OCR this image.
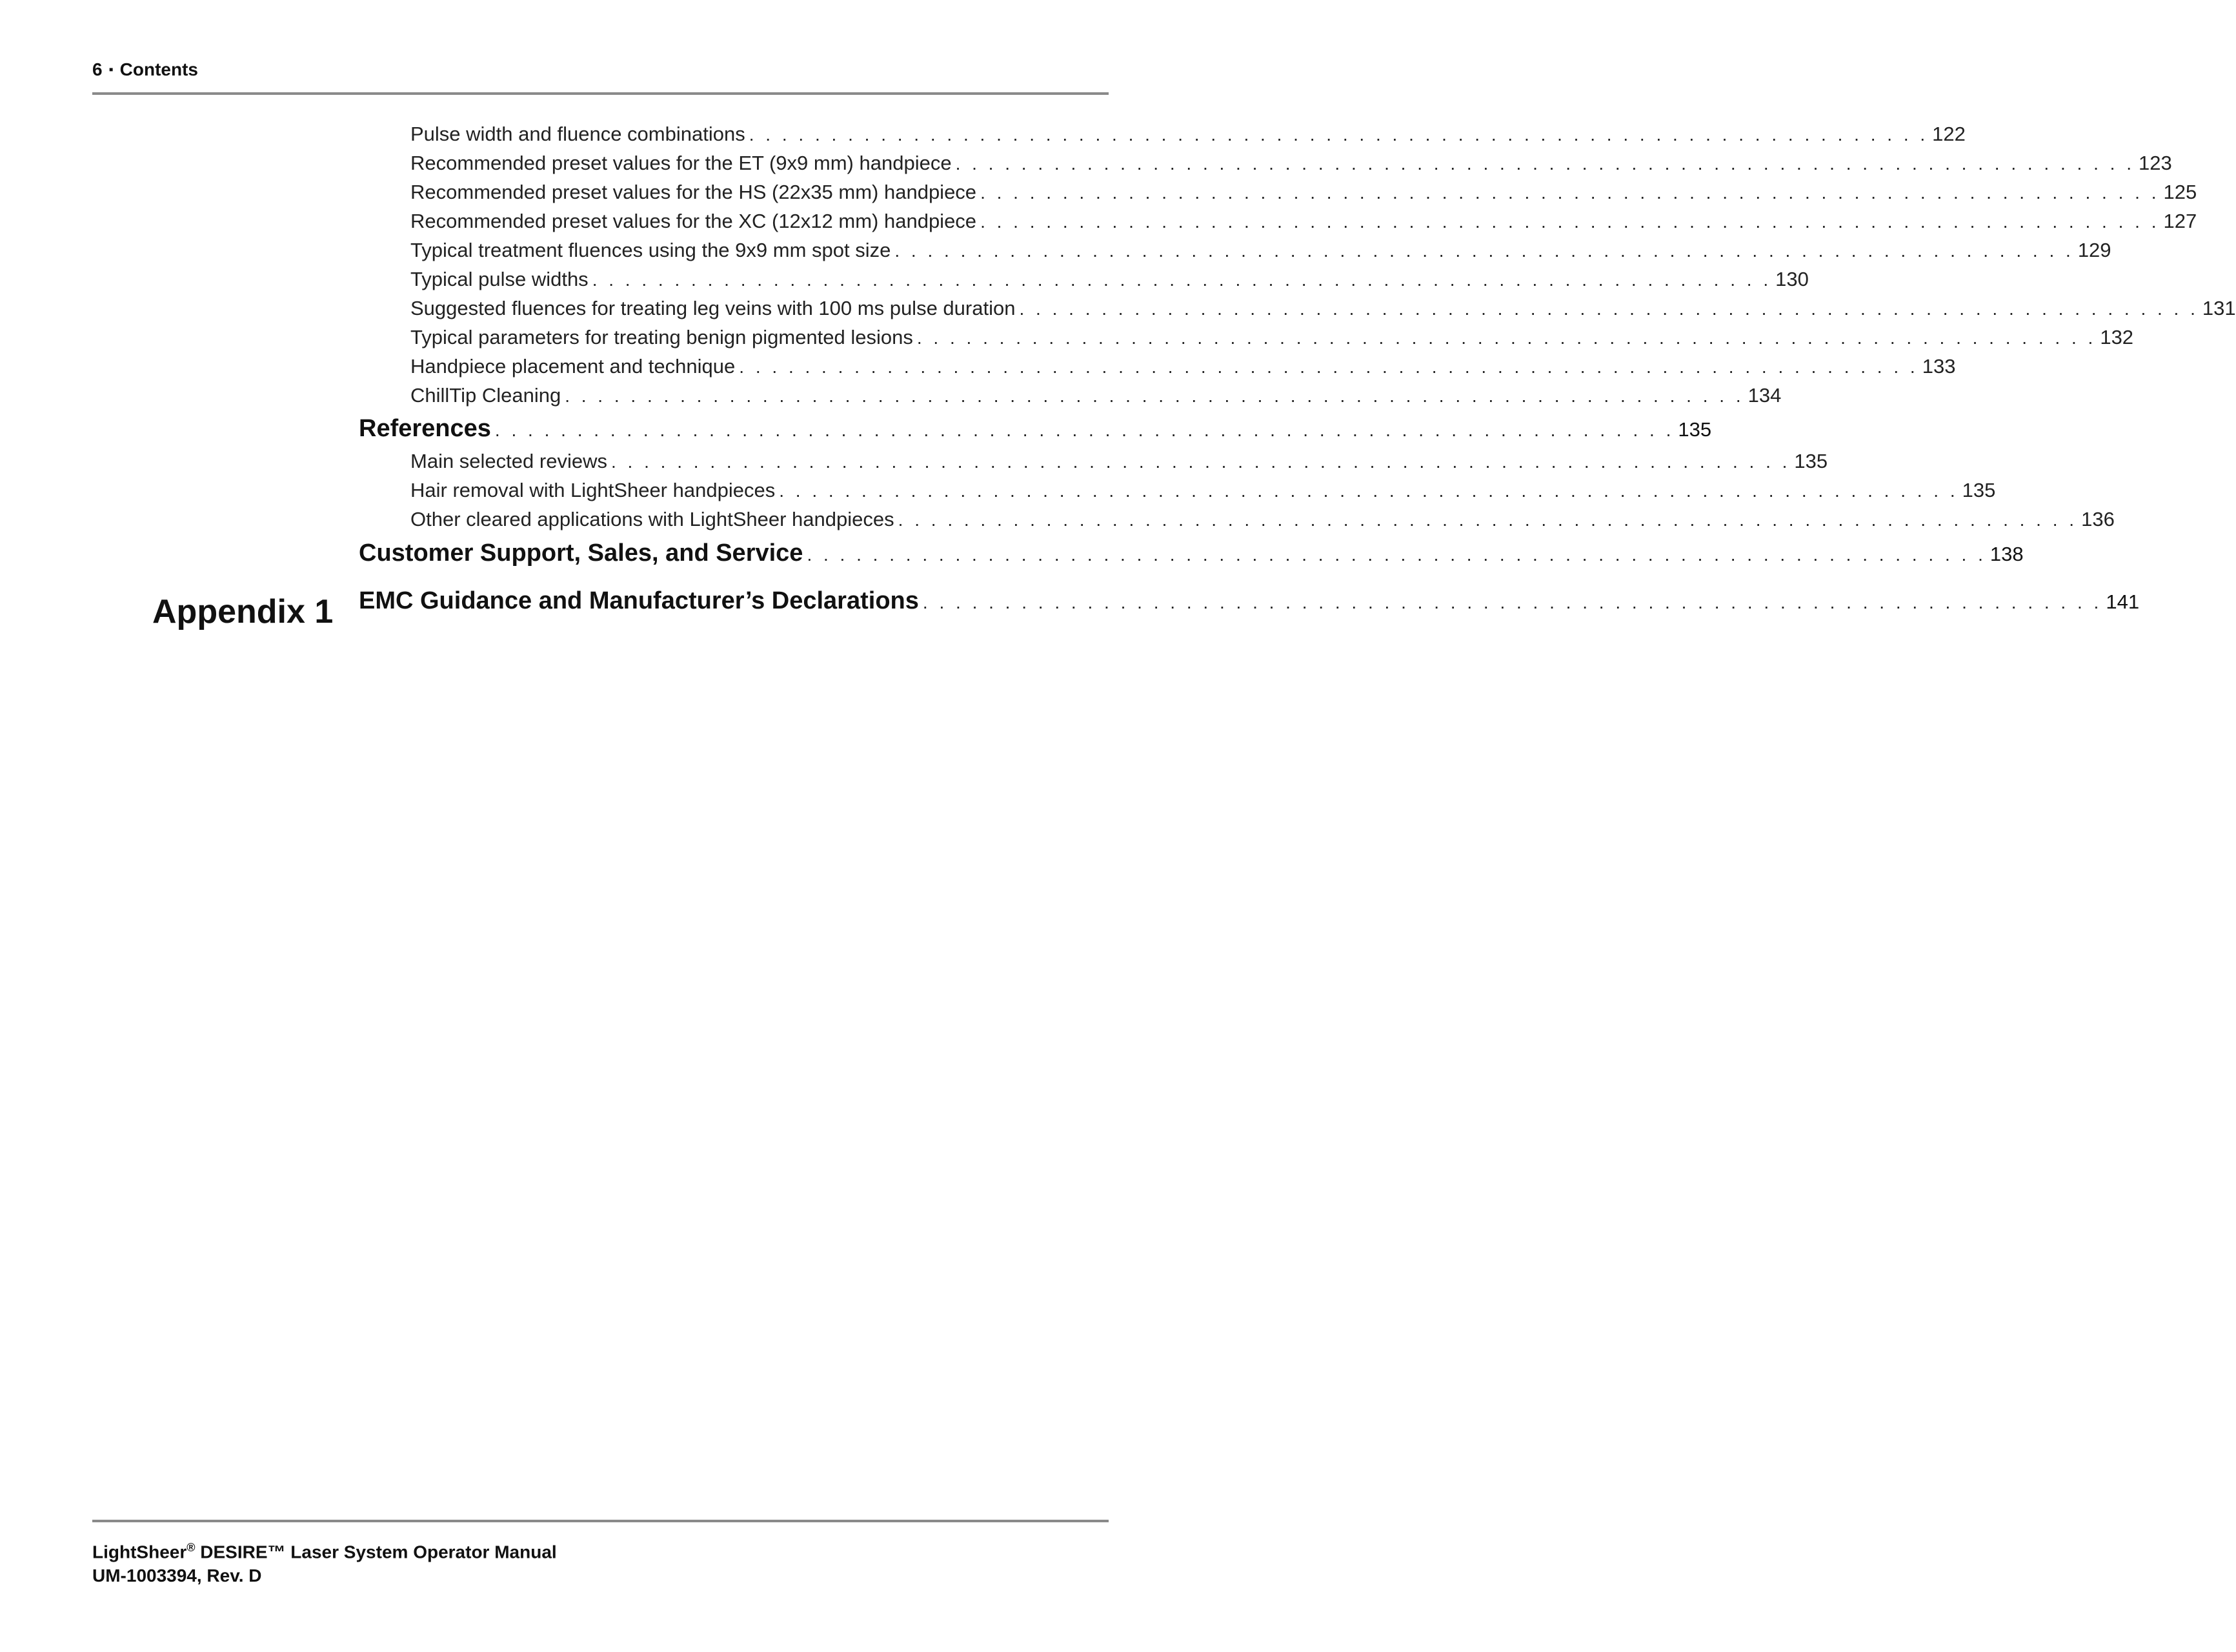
6 ▪ Contents
Pulse width and fluence combinations . . . . . . . . . . . . . . . . . . . . . . . . . . . . . . . . . . . . . . . . . . . . . . . . . . . . . . . . . . . . . . . . . . . . . . . . 122
Recommended preset values for the ET (9x9 mm) handpiece . . . . . . . . . . . . . . . . . . . . . . . . . . . . . . . . . . . . . . . . . . . . . . . . . . . . . . . . . . . . . . . . . . . . . . . . 123
Recommended preset values for the HS (22x35 mm) handpiece . . . . . . . . . . . . . . . . . . . . . . . . . . . . . . . . . . . . . . . . . . . . . . . . . . . . . . . . . . . . . . . . . . . . . . . . 125
Recommended preset values for the XC (12x12 mm) handpiece . . . . . . . . . . . . . . . . . . . . . . . . . . . . . . . . . . . . . . . . . . . . . . . . . . . . . . . . . . . . . . . . . . . . . . . . 127
Typical treatment fluences using the 9x9 mm spot size . . . . . . . . . . . . . . . . . . . . . . . . . . . . . . . . . . . . . . . . . . . . . . . . . . . . . . . . . . . . . . . . . . . . . . . . 129
Typical pulse widths . . . . . . . . . . . . . . . . . . . . . . . . . . . . . . . . . . . . . . . . . . . . . . . . . . . . . . . . . . . . . . . . . . . . . . . . 130
Suggested fluences for treating leg veins with 100 ms pulse duration . . . . . . . . . . . . . . . . . . . . . . . . . . . . . . . . . . . . . . . . . . . . . . . . . . . . . . . . . . . . . . . . . . . . . . . . 131
Typical parameters for treating benign pigmented lesions . . . . . . . . . . . . . . . . . . . . . . . . . . . . . . . . . . . . . . . . . . . . . . . . . . . . . . . . . . . . . . . . . . . . . . . . 132
Handpiece placement and technique . . . . . . . . . . . . . . . . . . . . . . . . . . . . . . . . . . . . . . . . . . . . . . . . . . . . . . . . . . . . . . . . . . . . . . . . 133
ChillTip Cleaning . . . . . . . . . . . . . . . . . . . . . . . . . . . . . . . . . . . . . . . . . . . . . . . . . . . . . . . . . . . . . . . . . . . . . . . . 134
References . . . . . . . . . . . . . . . . . . . . . . . . . . . . . . . . . . . . . . . . . . . . . . . . . . . . . . . . . . . . . . . . . . . . . . . . 135
Main selected reviews . . . . . . . . . . . . . . . . . . . . . . . . . . . . . . . . . . . . . . . . . . . . . . . . . . . . . . . . . . . . . . . . . . . . . . . . 135
Hair removal with LightSheer handpieces . . . . . . . . . . . . . . . . . . . . . . . . . . . . . . . . . . . . . . . . . . . . . . . . . . . . . . . . . . . . . . . . . . . . . . . . 135
Other cleared applications with LightSheer handpieces . . . . . . . . . . . . . . . . . . . . . . . . . . . . . . . . . . . . . . . . . . . . . . . . . . . . . . . . . . . . . . . . . . . . . . . . 136
Customer Support, Sales, and Service . . . . . . . . . . . . . . . . . . . . . . . . . . . . . . . . . . . . . . . . . . . . . . . . . . . . . . . . . . . . . . . . . . . . . . . . 138
Appendix 1 EMC Guidance and Manufacturer’s Declarations . . . . . . . . . . . . . . . . . . . . . . . . . . . . . . . . . . . . . . . . . . . . . . . . . . . . . . . . . . . . . . . . . . . . . . . . 141
LightSheer® DESIRE™ Laser System Operator Manual
UM-1003394, Rev. D
